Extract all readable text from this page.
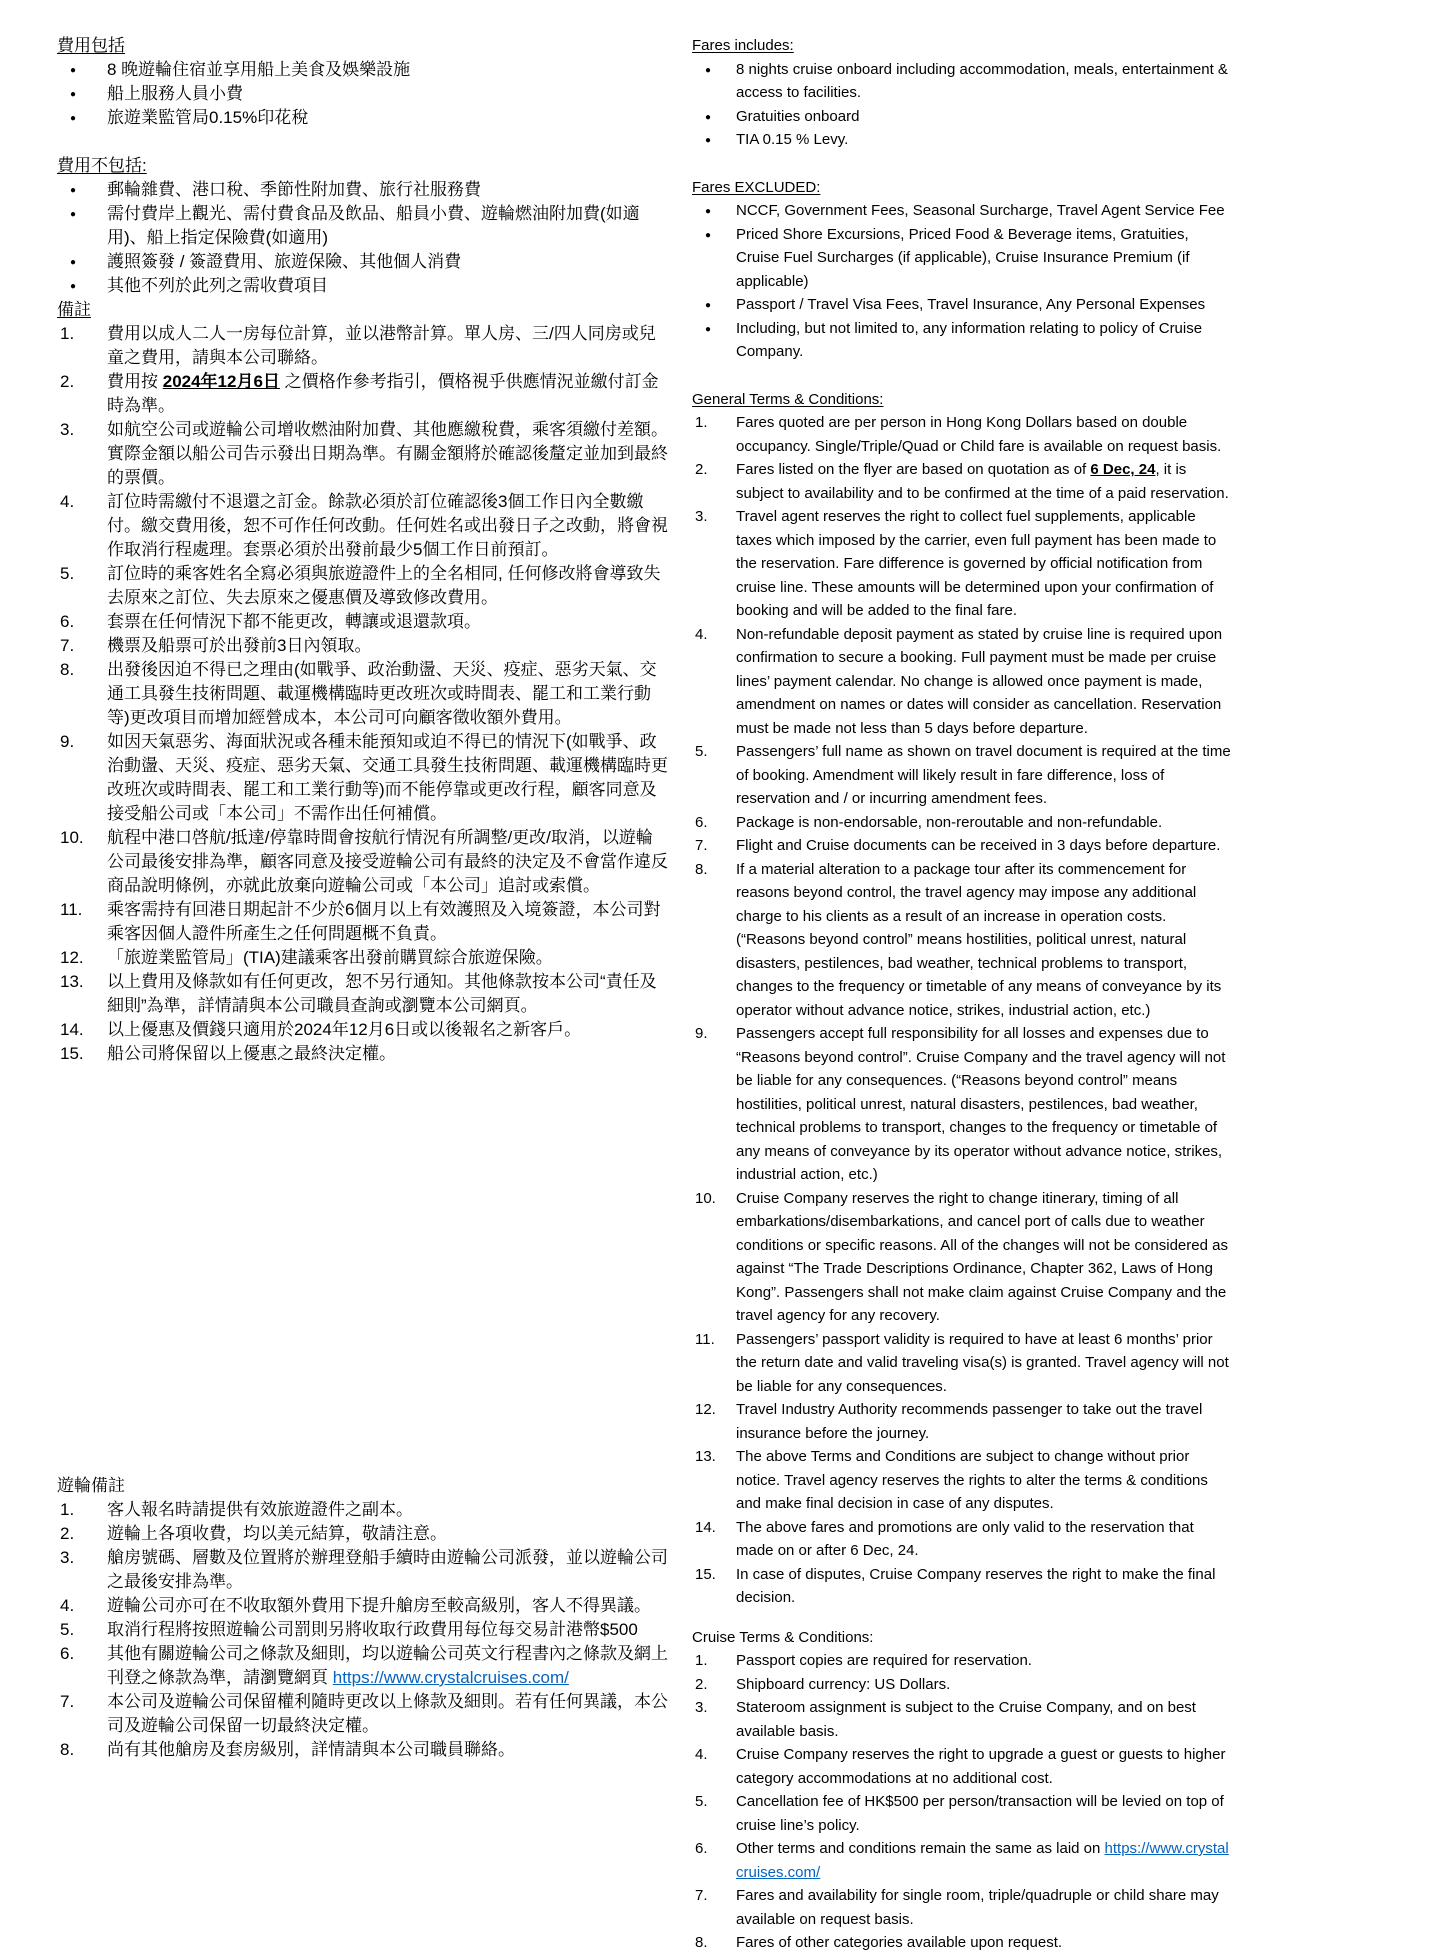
費用包括
●	8 晚遊輪住宿並享用船上美食及娛樂設施
●	船上服務人員小費
●	旅遊業監管局0.15%印花稅
費用不包括:
●	郵輪雜費、港口稅、季節性附加費、旅行社服務費
●	需付費岸上觀光、需付費食品及飲品、船員小費、遊輪燃油附加費(如適用)、船上指定保險費(如適用)
●	護照簽發 / 簽證費用、旅遊保險、其他個人消費
●	其他不列於此列之需收費項目
備註
1.	費用以成人二人一房每位計算，並以港幣計算。單人房、三/四人同房或兒童之費用，請與本公司聯絡。
2.	費用按 2024年12月6日 之價格作參考指引，價格視乎供應情況並繳付訂金時為準。
3.	如航空公司或遊輪公司增收燃油附加費、其他應繳稅費，乘客須繳付差額。實際金額以船公司告示發出日期為準。有關金額將於確認後釐定並加到最終的票價。
4.	訂位時需繳付不退還之訂金。餘款必須於訂位確認後3個工作日內全數繳付。繳交費用後，恕不可作任何改動。任何姓名或出發日子之改動，將會視作取消行程處理。套票必須於出發前最少5個工作日前預訂。
5.	訂位時的乘客姓名全寫必須與旅遊證件上的全名相同, 任何修改將會導致失去原來之訂位、失去原來之優惠價及導致修改費用。
6.	套票在任何情況下都不能更改，轉讓或退還款項。
7.	機票及船票可於出發前3日內領取。
8.	出發後因迫不得已之理由(如戰爭、政治動盪、天災、疫症、惡劣天氣、交通工具發生技術問題、載運機構臨時更改班次或時間表、罷工和工業行動等)更改項目而增加經營成本，本公司可向顧客徵收額外費用。
9.	如因天氣惡劣、海面狀況或各種未能預知或迫不得已的情況下(如戰爭、政治動盪、天災、疫症、惡劣天氣、交通工具發生技術問題、載運機構臨時更改班次或時間表、罷工和工業行動等)而不能停靠或更改行程，顧客同意及接受船公司或「本公司」不需作出任何補償。
10.	航程中港口啓航/抵達/停靠時間會按航行情況有所調整/更改/取消，以遊輪公司最後安排為準，顧客同意及接受遊輪公司有最終的決定及不會當作違反商品說明條例，亦就此放棄向遊輪公司或「本公司」追討或索償。
11.	乘客需持有回港日期起計不少於6個月以上有效護照及入境簽證，本公司對乘客因個人證件所產生之任何問題概不負責。
12.	「旅遊業監管局」(TIA)建議乘客出發前購買綜合旅遊保險。
13.	以上費用及條款如有任何更改，恕不另行通知。其他條款按本公司“責任及細則”為準，詳情請與本公司職員查詢或瀏覽本公司網頁。
14.	以上優惠及價錢只適用於2024年12月6日或以後報名之新客戶。
15.	船公司將保留以上優惠之最終決定權。
遊輪備註
1.	客人報名時請提供有效旅遊證件之副本。
2.	遊輪上各項收費，均以美元結算，敬請注意。
3.	艙房號碼、層數及位置將於辦理登船手續時由遊輪公司派發，並以遊輪公司之最後安排為準。
4.	遊輪公司亦可在不收取額外費用下提升艙房至較高級別，客人不得異議。
5.	取消行程將按照遊輪公司罰則另將收取行政費用每位每交易計港幣$500
6.	其他有關遊輪公司之條款及細則，均以遊輪公司英文行程書內之條款及網上刊登之條款為準，請瀏覽網頁 https://www.crystalcruises.com/
7.	本公司及遊輪公司保留權利隨時更改以上條款及細則。若有任何異議，本公司及遊輪公司保留一切最終決定權。
8.	尚有其他艙房及套房級別，詳情請與本公司職員聯絡。
Fares includes:
●	8 nights cruise onboard including accommodation, meals, entertainment & access to facilities.
●	Gratuities onboard
●	TIA 0.15 % Levy.
Fares EXCLUDED:
●	NCCF, Government Fees, Seasonal Surcharge, Travel Agent Service Fee
●	Priced Shore Excursions, Priced Food & Beverage items, Gratuities, Cruise Fuel Surcharges (if applicable), Cruise Insurance Premium (if applicable)
●	Passport / Travel Visa Fees, Travel Insurance, Any Personal Expenses
●	Including, but not limited to, any information relating to policy of Cruise Company.
General Terms & Conditions:
1.	Fares quoted are per person in Hong Kong Dollars based on double occupancy. Single/Triple/Quad or Child fare is available on request basis.
2.	Fares listed on the flyer are based on quotation as of 6 Dec, 24, it is subject to availability and to be confirmed at the time of a paid reservation.
3.	Travel agent reserves the right to collect fuel supplements, applicable taxes which imposed by the carrier, even full payment has been made to the reservation. Fare difference is governed by official notification from cruise line. These amounts will be determined upon your confirmation of booking and will be added to the final fare.
4.	Non-refundable deposit payment as stated by cruise line is required upon confirmation to secure a booking. Full payment must be made per cruise lines’ payment calendar. No change is allowed once payment is made, amendment on names or dates will consider as cancellation. Reservation must be made not less than 5 days before departure.
5.	Passengers’ full name as shown on travel document is required at the time of booking. Amendment will likely result in fare difference, loss of reservation and / or incurring amendment fees.
6.	Package is non-endorsable, non-reroutable and non-refundable.
7.	Flight and Cruise documents can be received in 3 days before departure.
8.	If a material alteration to a package tour after its commencement for reasons beyond control, the travel agency may impose any additional charge to his clients as a result of an increase in operation costs. (“Reasons beyond control” means hostilities, political unrest, natural disasters, pestilences, bad weather, technical problems to transport, changes to the frequency or timetable of any means of conveyance by its operator without advance notice, strikes, industrial action, etc.)
9.	Passengers accept full responsibility for all losses and expenses due to “Reasons beyond control”. Cruise Company and the travel agency will not be liable for any consequences. (“Reasons beyond control” means hostilities, political unrest, natural disasters, pestilences, bad weather, technical problems to transport, changes to the frequency or timetable of any means of conveyance by its operator without advance notice, strikes, industrial action, etc.)
10.	Cruise Company reserves the right to change itinerary, timing of all embarkations/disembarkations, and cancel port of calls due to weather conditions or specific reasons. All of the changes will not be considered as against “The Trade Descriptions Ordinance, Chapter 362, Laws of Hong Kong”. Passengers shall not make claim against Cruise Company and the travel agency for any recovery.
11.	Passengers’ passport validity is required to have at least 6 months’ prior the return date and valid traveling visa(s) is granted. Travel agency will not be liable for any consequences.
12.	Travel Industry Authority recommends passenger to take out the travel insurance before the journey.
13.	The above Terms and Conditions are subject to change without prior notice. Travel agency reserves the rights to alter the terms & conditions and make final decision in case of any disputes.
14.	The above fares and promotions are only valid to the reservation that made on or after 6 Dec, 24.
15.	In case of disputes, Cruise Company reserves the right to make the final decision.
Cruise Terms & Conditions:
1.	Passport copies are required for reservation.
2.	Shipboard currency: US Dollars.
3.	Stateroom assignment is subject to the Cruise Company, and on best available basis.
4.	Cruise Company reserves the right to upgrade a guest or guests to higher category accommodations at no additional cost.
5.	Cancellation fee of HK$500 per person/transaction will be levied on top of cruise line’s policy.
6.	Other terms and conditions remain the same as laid on https://www.crystalcruises.com/
7.	Fares and availability for single room, triple/quadruple or child share may available on request basis.
8.	Fares of other categories available upon request.
